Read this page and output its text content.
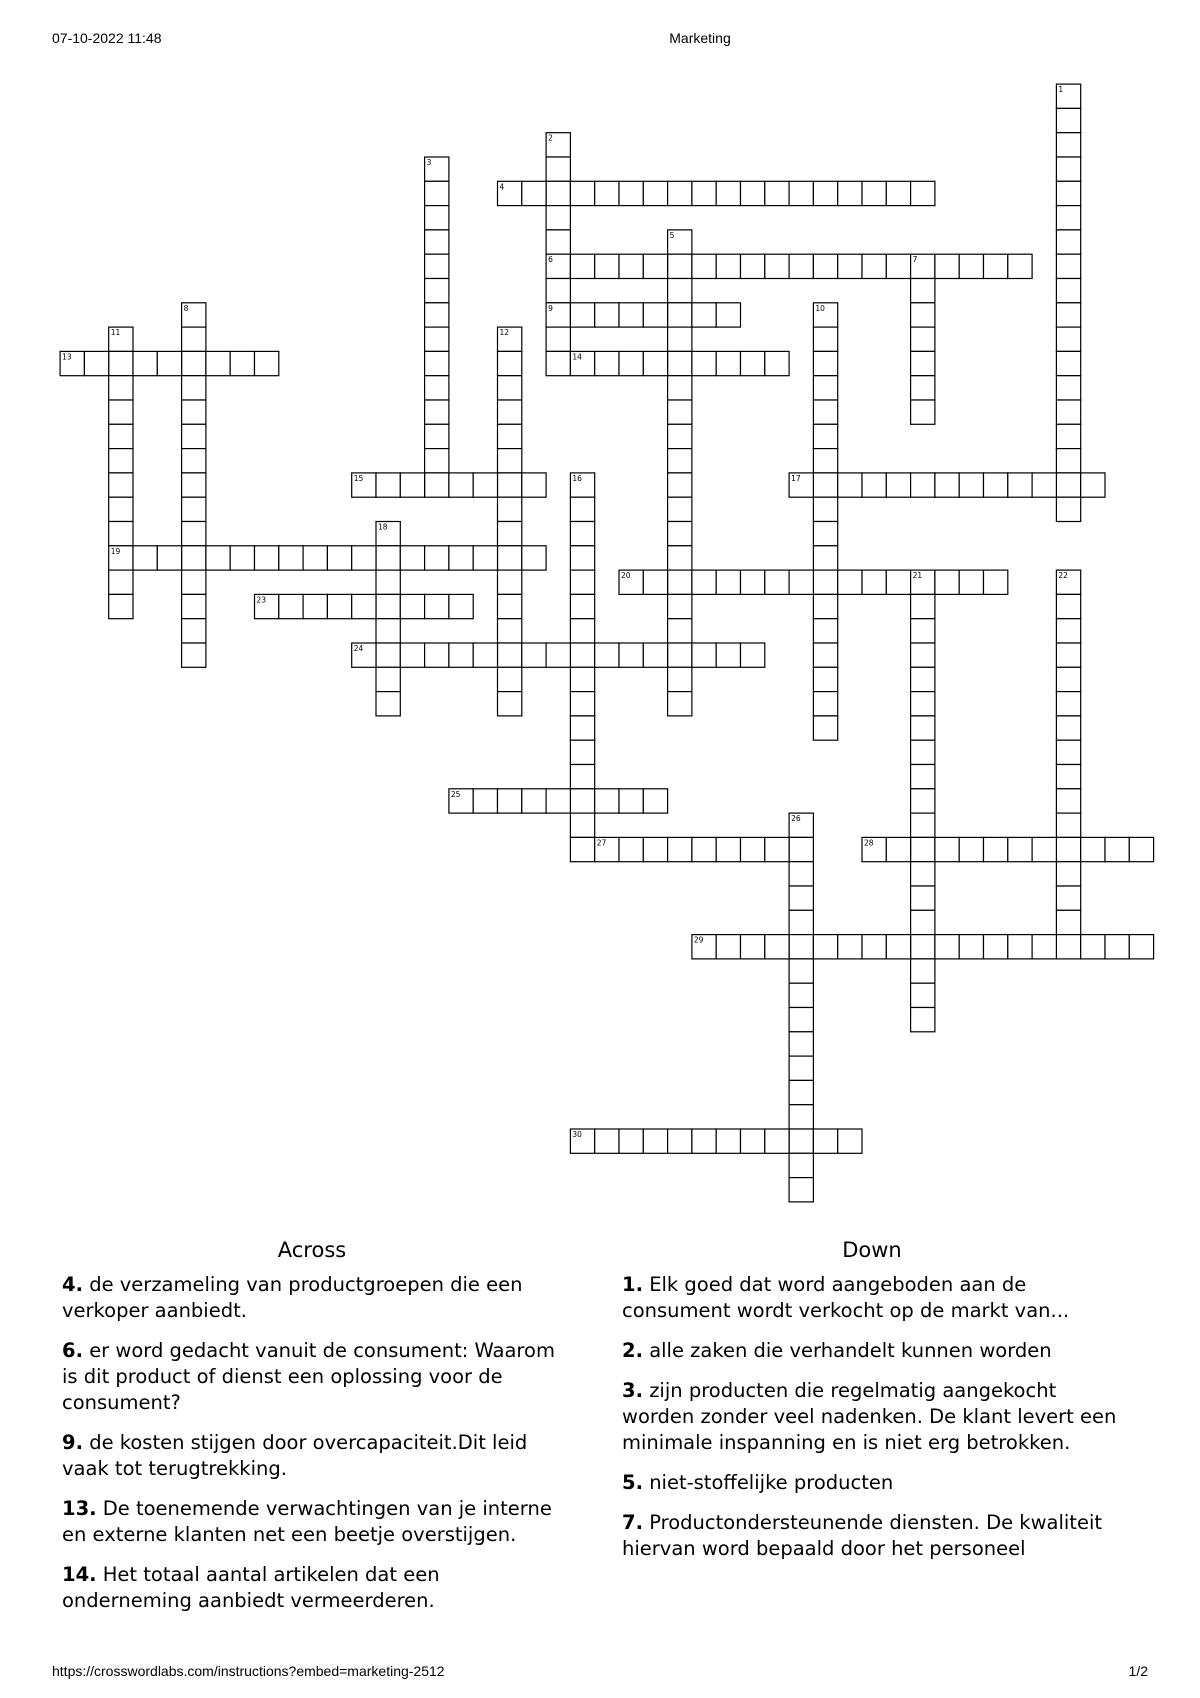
07-10-2022 11:48	Marketing
1
2
3
4
5
6	7
8	9	10
11	12
13	14
15	16	17
18
19
20	21	22
23
24
25
26
27	28
29
30
Across
4. de verzameling van productgroepen die een verkoper aanbiedt.
6. er word gedacht vanuit de consument: Waarom is dit product of dienst een oplossing voor de consument?
9. de kosten stijgen door overcapaciteit.Dit leid vaak tot terugtrekking.
13. De toenemende verwachtingen van je interne en externe klanten net een beetje overstijgen.
14. Het totaal aantal artikelen dat een onderneming aanbiedt vermeerderen.
Down
1. Elk goed dat word aangeboden aan de consument wordt verkocht op de markt van...
2. alle zaken die verhandelt kunnen worden
3. zijn producten die regelmatig aangekocht worden zonder veel nadenken. De klant levert een minimale inspanning en is niet erg betrokken.
5. niet-stoffelijke producten
7. Productondersteunende diensten. De kwaliteit hiervan word bepaald door het personeel
https://crosswordlabs.com/instructions?embed=marketing-2512	1/2
